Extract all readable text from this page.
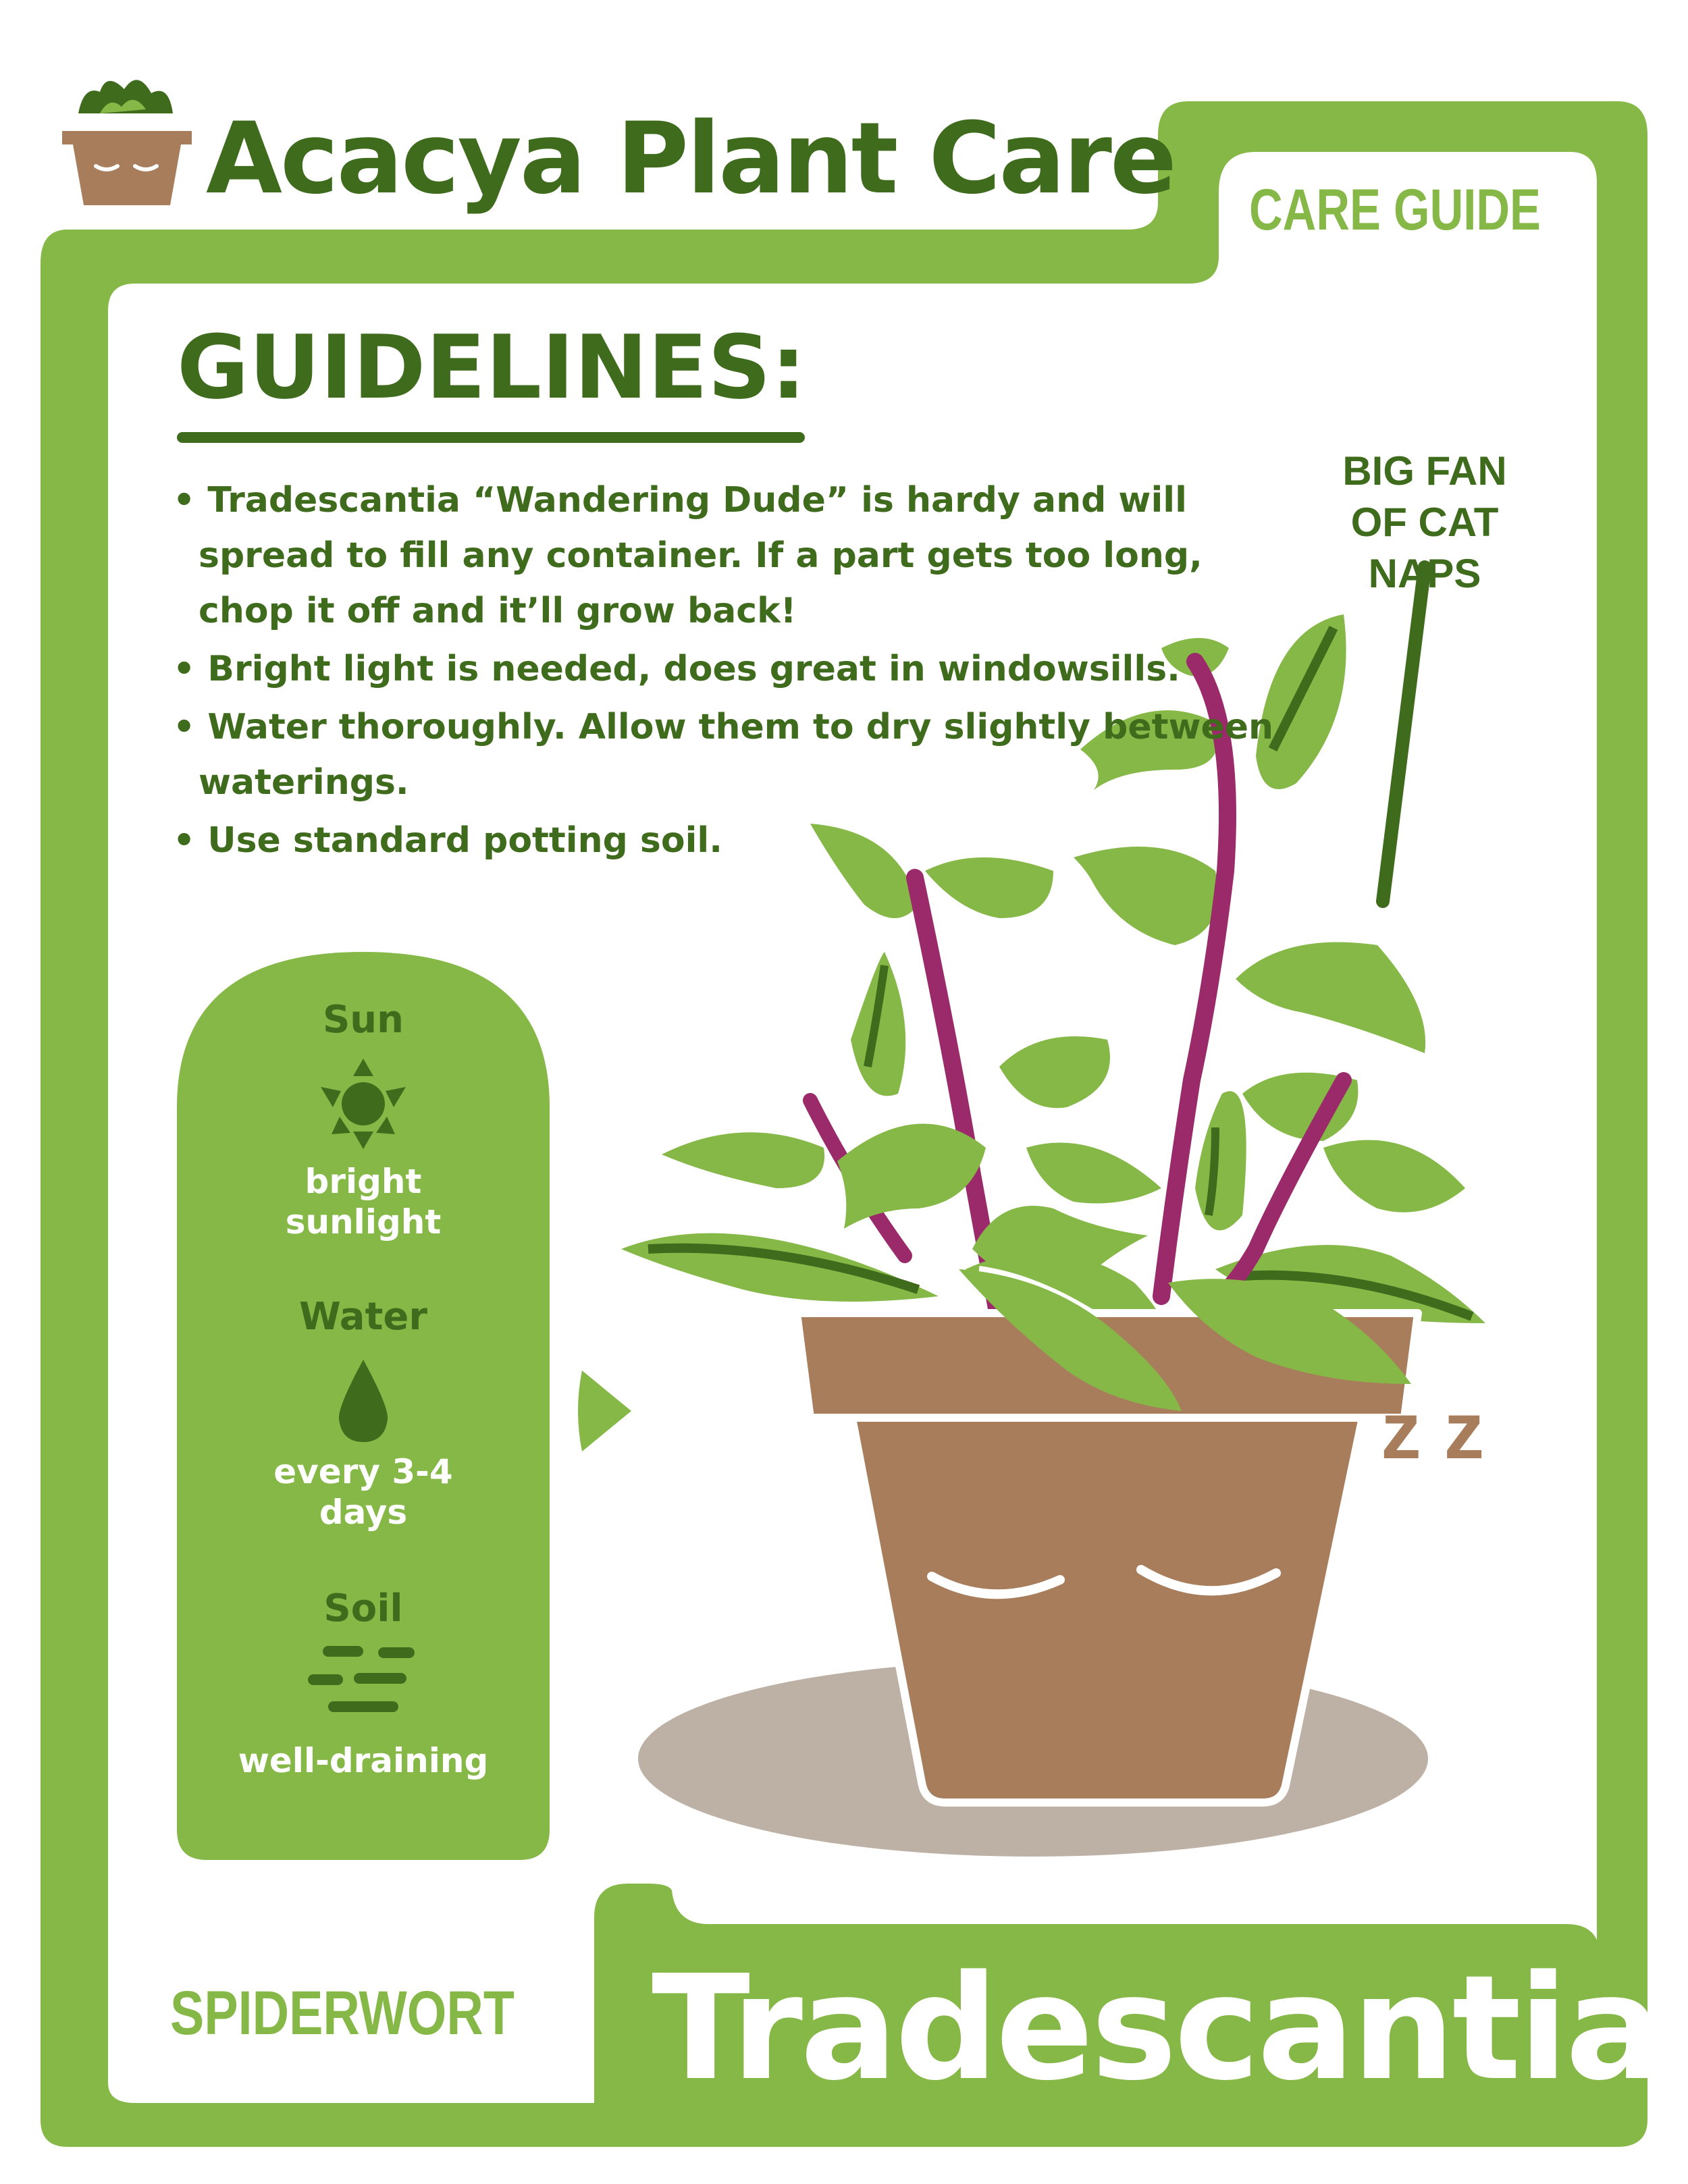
Acacya Plant Care CARE GUIDE
GUIDELINES:
• Tradescantia “Wandering Dude” is hardy and will spread to fill any container. If a part gets too long, chop it off and it’ll grow back!
• Bright light is needed, does great in windowsills.
• Water thoroughly. Allow them to dry slightly between waterings.
• Use standard potting soil.
BIG FAN OF CAT NAPS
Sun
bright sunlight
Water
every 3-4 days
Soil
well-draining
z z
SPIDERWORT Tradescantia
